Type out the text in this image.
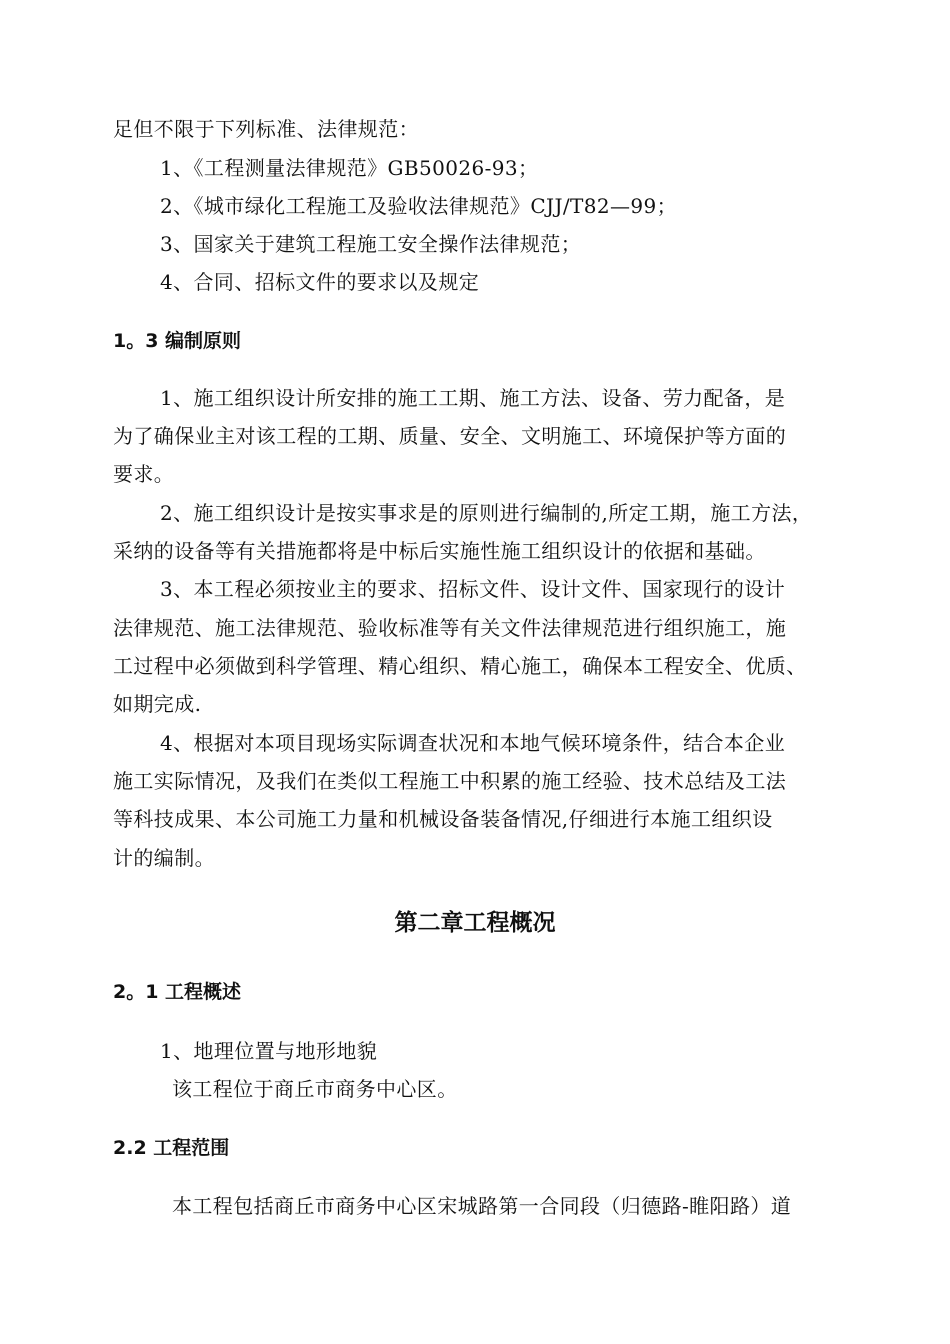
足但不限于下列标准、法律规范：
1、《工程测量法律规范》GB50026-93；
2、《城市绿化工程施工及验收法律规范》CJJ/T82—99；
3、国家关于建筑工程施工安全操作法律规范；
4、合同、招标文件的要求以及规定
1。3 编制原则
1、施工组织设计所安排的施工工期、施工方法、设备、劳力配备，是
为了确保业主对该工程的工期、质量、安全、文明施工、环境保护等方面的
要求。
2、施工组织设计是按实事求是的原则进行编制的,所定工期，施工方法，
采纳的设备等有关措施都将是中标后实施性施工组织设计的依据和基础。
3、本工程必须按业主的要求、招标文件、设计文件、国家现行的设计
法律规范、施工法律规范、验收标准等有关文件法律规范进行组织施工，施
工过程中必须做到科学管理、精心组织、精心施工，确保本工程安全、优质、
如期完成.
4、根据对本项目现场实际调查状况和本地气候环境条件，结合本企业
施工实际情况，及我们在类似工程施工中积累的施工经验、技术总结及工法
等科技成果、本公司施工力量和机械设备装备情况,仔细进行本施工组织设
计的编制。
第二章工程概况
2。1 工程概述
1、地理位置与地形地貌
该工程位于商丘市商务中心区。
2.2 工程范围
本工程包括商丘市商务中心区宋城路第一合同段（归德路-睢阳路）道
